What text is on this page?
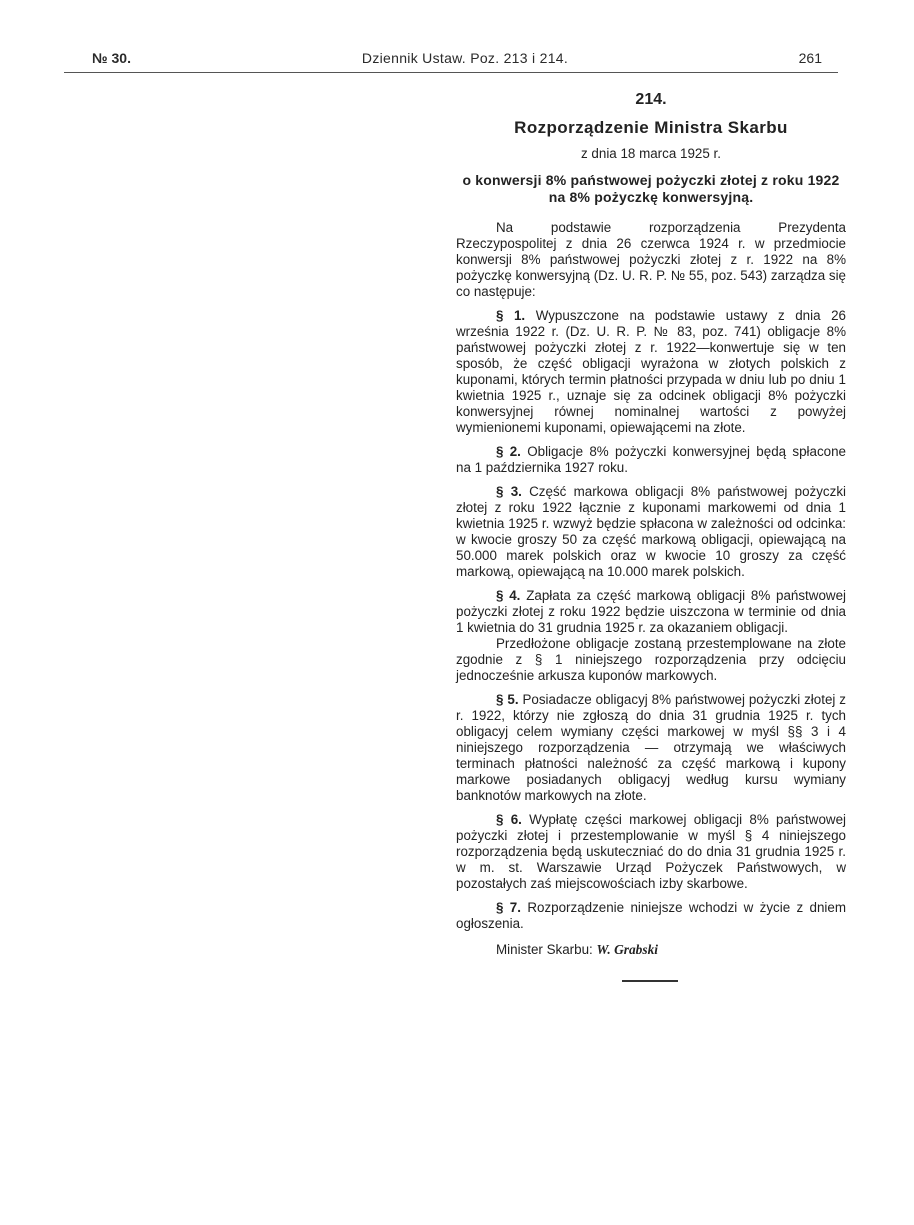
№ 30.	Dziennik Ustaw. Poz. 213 i 214.	261
214.
Rozporządzenie Ministra Skarbu
z dnia 18 marca 1925 r.
o konwersji 8% państwowej pożyczki złotej z roku 1922 na 8% pożyczkę konwersyjną.

Na podstawie rozporządzenia Prezydenta Rzeczypospolitej z dnia 26 czerwca 1924 r. w przedmiocie konwersji 8% państwowej pożyczki złotej z r. 1922 na 8% pożyczkę konwersyjną (Dz. U. R. P. № 55, poz. 543) zarządza się co następuje:

§ 1. Wypuszczone na podstawie ustawy z dnia 26 września 1922 r. (Dz. U. R. P. № 83, poz. 741) obligacje 8% państwowej pożyczki złotej z r. 1922—konwertuje się w ten sposób, że część obligacji wyrażona w złotych polskich z kuponami, których termin płatności przypada w dniu lub po dniu 1 kwietnia 1925 r., uznaje się za odcinek obligacji 8% pożyczki konwersyjnej równej nominalnej wartości z powyżej wymienionemi kuponami, opiewającemi na złote.

§ 2. Obligacje 8% pożyczki konwersyjnej będą spłacone na 1 października 1927 roku.

§ 3. Część markowa obligacji 8% państwowej pożyczki złotej z roku 1922 łącznie z kuponami markowemi od dnia 1 kwietnia 1925 r. wzwyż będzie spłacona w zależności od odcinka: w kwocie groszy 50 za część markową obligacji, opiewającą na 50.000 marek polskich oraz w kwocie 10 groszy za część markową, opiewającą na 10.000 marek polskich.

§ 4. Zapłata za część markową obligacji 8% państwowej pożyczki złotej z roku 1922 będzie uiszczona w terminie od dnia 1 kwietnia do 31 grudnia 1925 r. za okazaniem obligacji.

Przedłożone obligacje zostaną przestemplowane na złote zgodnie z § 1 niniejszego rozporządzenia przy odcięciu jednocześnie arkusza kuponów markowych.

§ 5. Posiadacze obligacyj 8% państwowej pożyczki złotej z r. 1922, którzy nie zgłoszą do dnia 31 grudnia 1925 r. tych obligacyj celem wymiany części markowej w myśl §§ 3 i 4 niniejszego rozporządzenia — otrzymają we właściwych terminach płatności należność za część markową i kupony markowe posiadanych obligacyj według kursu wymiany banknotów markowych na złote.

§ 6. Wypłatę części markowej obligacji 8% państwowej pożyczki złotej i przestemplowanie w myśl § 4 niniejszego rozporządzenia będą uskuteczniać do do dnia 31 grudnia 1925 r. w m. st. Warszawie Urząd Pożyczek Państwowych, w pozostałych zaś miejscowościach izby skarbowe.

§ 7. Rozporządzenie niniejsze wchodzi w życie z dniem ogłoszenia.

Minister Skarbu: W. Grabski
